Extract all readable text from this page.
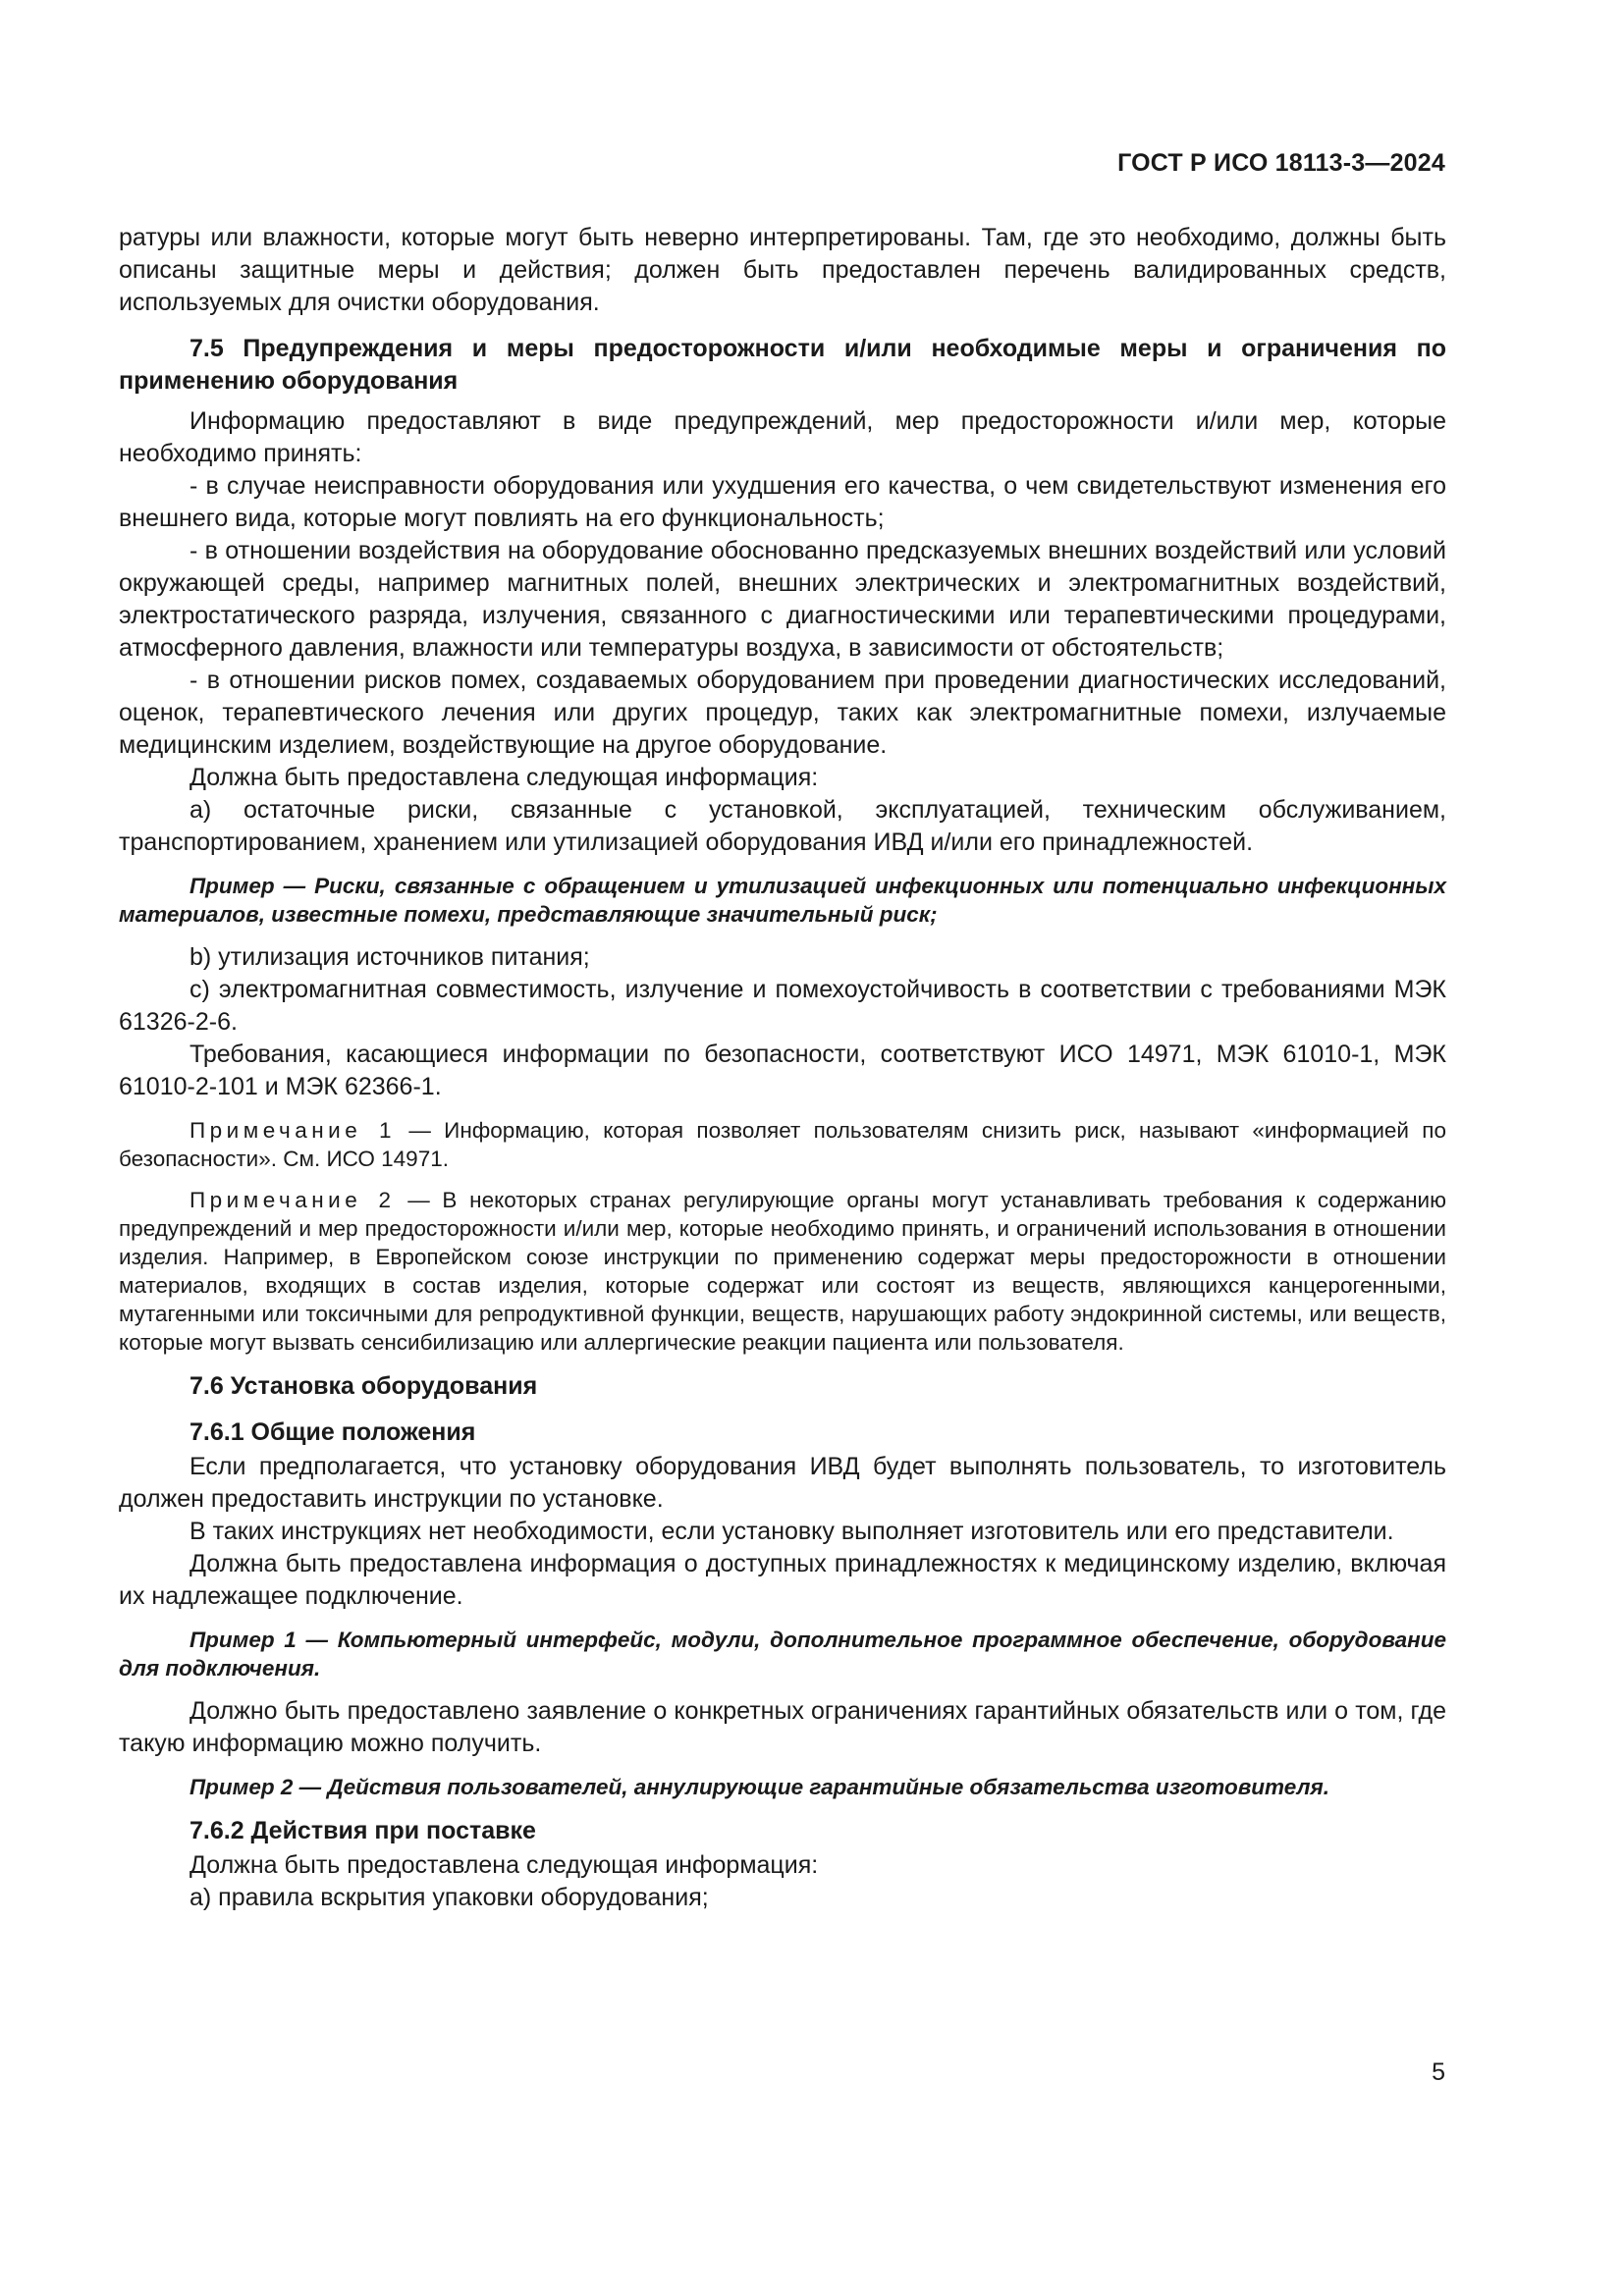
ГОСТ Р ИСО 18113-3—2024

ратуры или влажности, которые могут быть неверно интерпретированы. Там, где это необходимо, должны быть описаны защитные меры и действия; должен быть предоставлен перечень валидированных средств, используемых для очистки оборудования.

7.5 Предупреждения и меры предосторожности и/или необходимые меры и ограничения по применению оборудования

Информацию предоставляют в виде предупреждений, мер предосторожности и/или мер, которые необходимо принять:

- в случае неисправности оборудования или ухудшения его качества, о чем свидетельствуют изменения его внешнего вида, которые могут повлиять на его функциональность;

- в отношении воздействия на оборудование обоснованно предсказуемых внешних воздействий или условий окружающей среды, например магнитных полей, внешних электрических и электромагнитных воздействий, электростатического разряда, излучения, связанного с диагностическими или терапевтическими процедурами, атмосферного давления, влажности или температуры воздуха, в зависимости от обстоятельств;

- в отношении рисков помех, создаваемых оборудованием при проведении диагностических исследований, оценок, терапевтического лечения или других процедур, таких как электромагнитные помехи, излучаемые медицинским изделием, воздействующие на другое оборудование.

Должна быть предоставлена следующая информация:

a) остаточные риски, связанные с установкой, эксплуатацией, техническим обслуживанием, транспортированием, хранением или утилизацией оборудования ИВД и/или его принадлежностей.

Пример — Риски, связанные с обращением и утилизацией инфекционных или потенциально инфекционных материалов, известные помехи, представляющие значительный риск;

b) утилизация источников питания;

c) электромагнитная совместимость, излучение и помехоустойчивость в соответствии с требованиями МЭК 61326-2-6.

Требования, касающиеся информации по безопасности, соответствуют ИСО 14971, МЭК 61010-1, МЭК 61010-2-101 и МЭК 62366-1.

Примечание 1 — Информацию, которая позволяет пользователям снизить риск, называют «информацией по безопасности». См. ИСО 14971.

Примечание 2 — В некоторых странах регулирующие органы могут устанавливать требования к содержанию предупреждений и мер предосторожности и/или мер, которые необходимо принять, и ограничений использования в отношении изделия. Например, в Европейском союзе инструкции по применению содержат меры предосторожности в отношении материалов, входящих в состав изделия, которые содержат или состоят из веществ, являющихся канцерогенными, мутагенными или токсичными для репродуктивной функции, веществ, нарушающих работу эндокринной системы, или веществ, которые могут вызвать сенсибилизацию или аллергические реакции пациента или пользователя.

7.6 Установка оборудования

7.6.1 Общие положения

Если предполагается, что установку оборудования ИВД будет выполнять пользователь, то изготовитель должен предоставить инструкции по установке.

В таких инструкциях нет необходимости, если установку выполняет изготовитель или его представители.

Должна быть предоставлена информация о доступных принадлежностях к медицинскому изделию, включая их надлежащее подключение.

Пример 1 — Компьютерный интерфейс, модули, дополнительное программное обеспечение, оборудование для подключения.

Должно быть предоставлено заявление о конкретных ограничениях гарантийных обязательств или о том, где такую информацию можно получить.

Пример 2 — Действия пользователей, аннулирующие гарантийные обязательства изготовителя.

7.6.2 Действия при поставке

Должна быть предоставлена следующая информация:

a) правила вскрытия упаковки оборудования;

5
